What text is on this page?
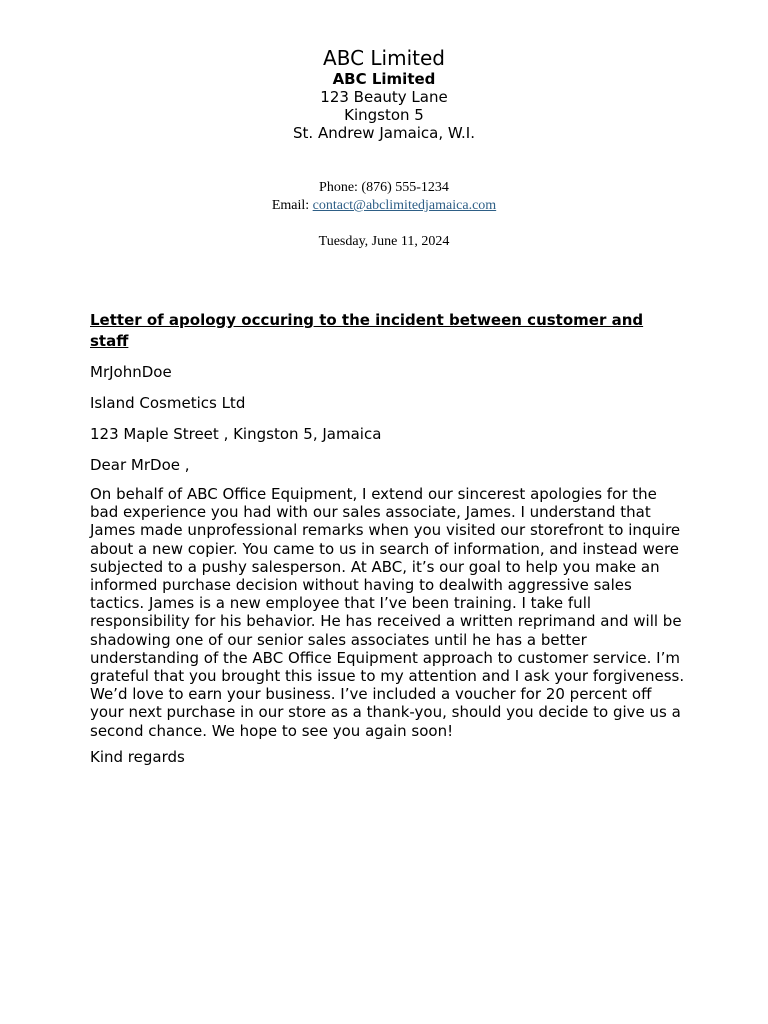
ABC Limited
ABC Limited
123 Beauty Lane
Kingston 5
St. Andrew Jamaica, W.I.
Phone: (876) 555-1234
Email: contact@abclimitedjamaica.com
Tuesday, June 11, 2024
Letter of apology occuring to the incident between customer and staff
MrJohnDoe
Island Cosmetics Ltd
123 Maple Street , Kingston 5, Jamaica
Dear MrDoe ,
On behalf of ABC Office Equipment, I extend our sincerest apologies for the bad experience you had with our sales associate, James. I understand that James made unprofessional remarks when you visited our storefront to inquire about a new copier. You came to us in search of information, and instead were subjected to a pushy salesperson. At ABC, it’s our goal to help you make an informed purchase decision without having to dealwith aggressive sales tactics. James is a new employee that I’ve been training. I take full responsibility for his behavior. He has received a written reprimand and will be shadowing one of our senior sales associates until he has a better understanding of the ABC Office Equipment approach to customer service. I’m grateful that you brought this issue to my attention and I ask your forgiveness. We’d love to earn your business. I’ve included a voucher for 20 percent off your next purchase in our store as a thank-you, should you decide to give us a second chance. We hope to see you again soon!
Kind regards
